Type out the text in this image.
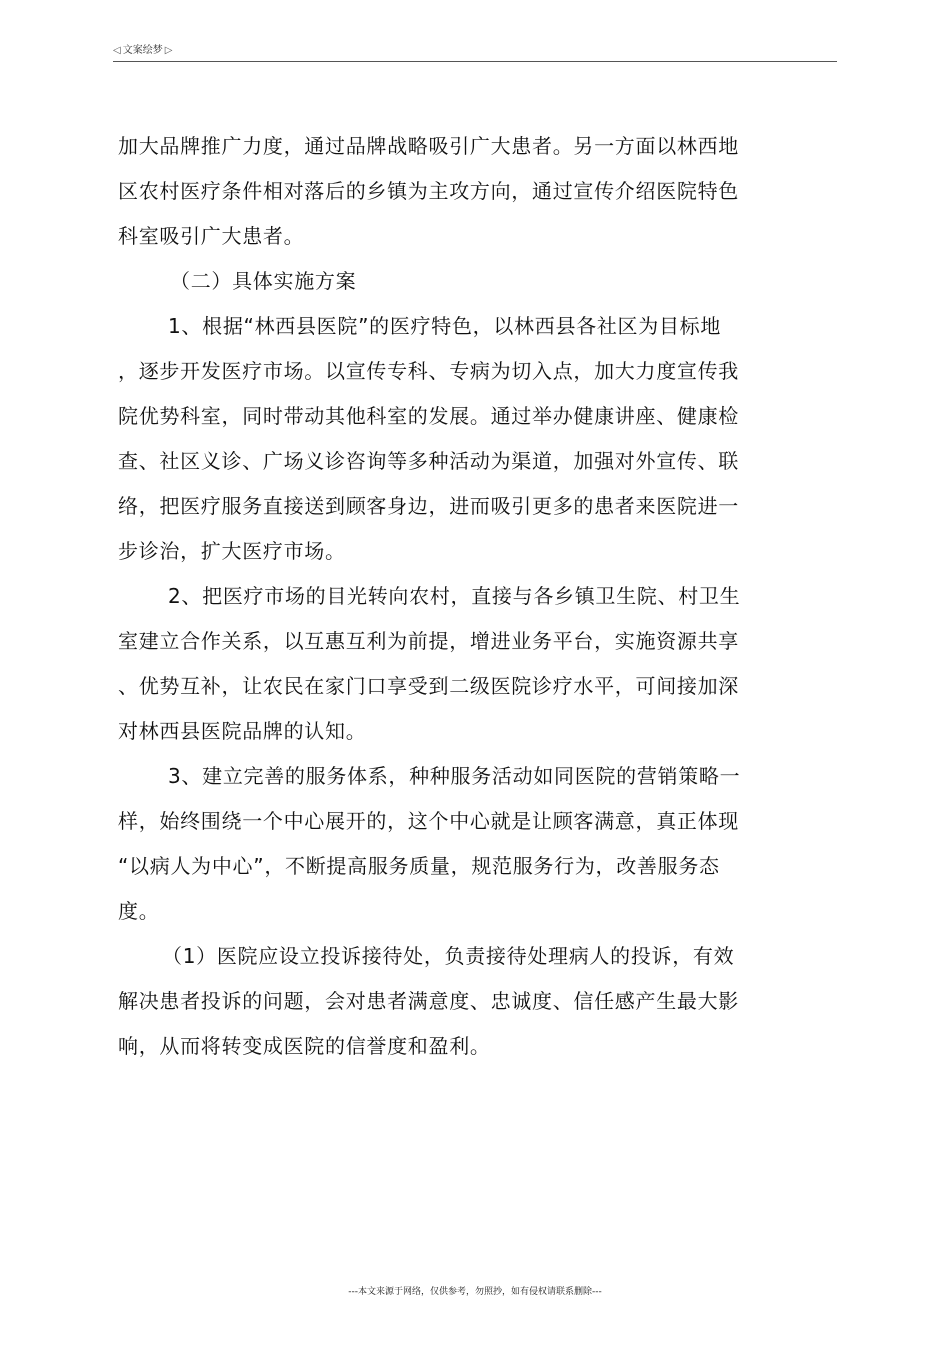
◁ 文案绘梦 ▷
加大品牌推广力度，通过品牌战略吸引广大患者。另一方面以林西地
区农村医疗条件相对落后的乡镇为主攻方向，通过宣传介绍医院特色
科室吸引广大患者。
（二）具体实施方案
1、根据“林西县医院”的医疗特色，以林西县各社区为目标地
，逐步开发医疗市场。以宣传专科、专病为切入点，加大力度宣传我
院优势科室，同时带动其他科室的发展。通过举办健康讲座、健康检
查、社区义诊、广场义诊咨询等多种活动为渠道，加强对外宣传、联
络，把医疗服务直接送到顾客身边，进而吸引更多的患者来医院进一
步诊治，扩大医疗市场。
2、把医疗市场的目光转向农村，直接与各乡镇卫生院、村卫生
室建立合作关系，以互惠互利为前提，增进业务平台，实施资源共享
、优势互补，让农民在家门口享受到二级医院诊疗水平，可间接加深
对林西县医院品牌的认知。
3、建立完善的服务体系，种种服务活动如同医院的营销策略一
样，始终围绕一个中心展开的，这个中心就是让顾客满意，真正体现
“以病人为中心”，不断提高服务质量，规范服务行为，改善服务态
度。
（1）医院应设立投诉接待处，负责接待处理病人的投诉，有效
解决患者投诉的问题，会对患者满意度、忠诚度、信任感产生最大影
响，从而将转变成医院的信誉度和盈利。
---本文来源于网络，仅供参考，勿照抄，如有侵权请联系删除---
